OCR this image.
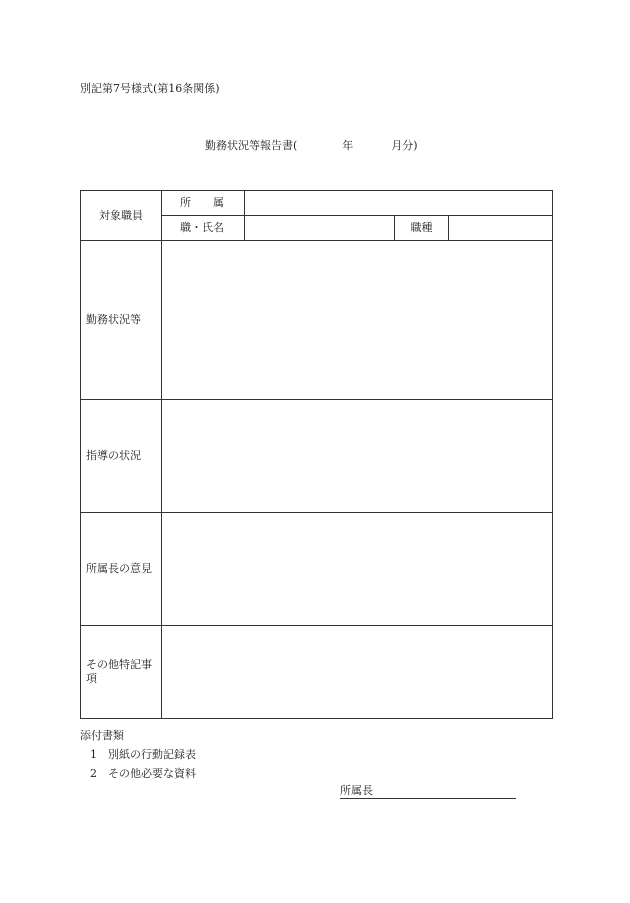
別記第7号様式(第16条関係)
勤務状況等報告書(	年	月分)
対象職員	所　　属			
	職・氏名		職種	
勤務状況等				
指導の状況				
所属長の意見				
その他特記事項				
添付書類
1 別紙の行動記録表
2 その他必要な資料
所属長
